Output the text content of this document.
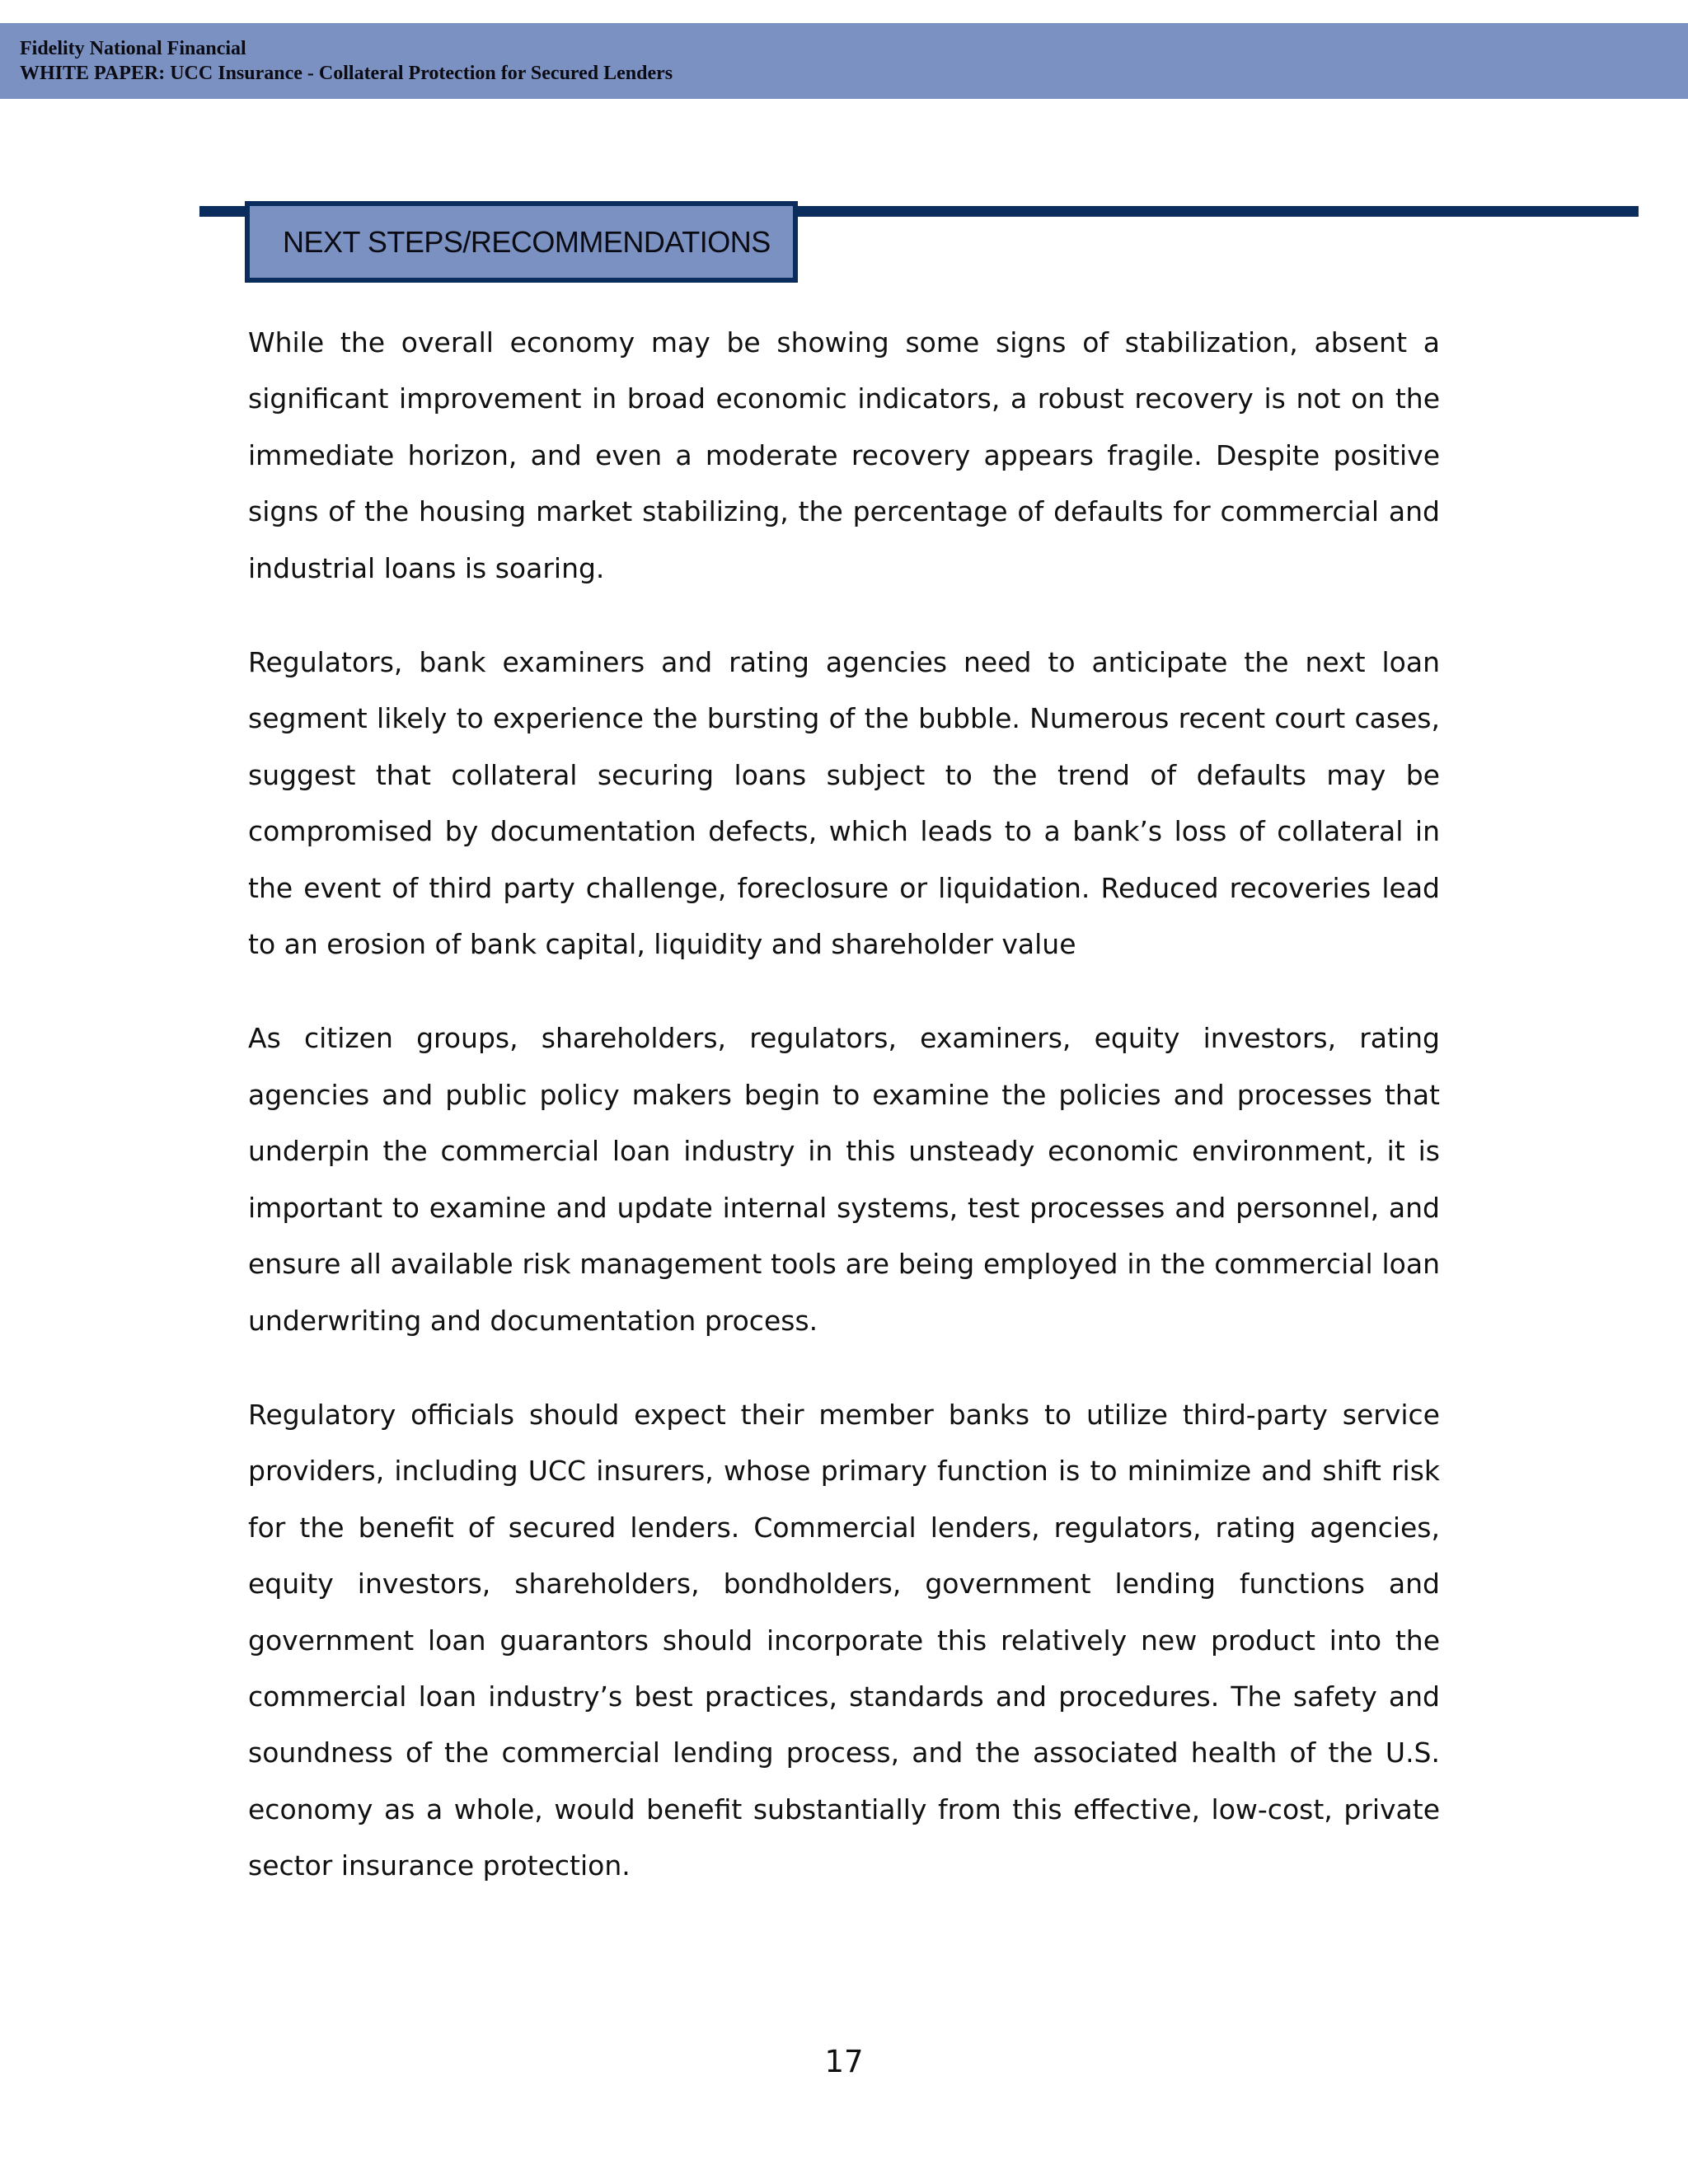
Fidelity National Financial
WHITE PAPER: UCC Insurance - Collateral Protection for Secured Lenders
NEXT STEPS/RECOMMENDATIONS

While the overall economy may be showing some signs of stabilization, absent a significant improvement in broad economic indicators, a robust recovery is not on the immediate horizon, and even a moderate recovery appears fragile. Despite positive signs of the housing market stabilizing, the percentage of defaults for commercial and industrial loans is soaring.

Regulators, bank examiners and rating agencies need to anticipate the next loan segment likely to experience the bursting of the bubble. Numerous recent court cases, suggest that collateral securing loans subject to the trend of defaults may be compromised by documentation defects, which leads to a bank’s loss of collateral in the event of third party challenge, foreclosure or liquidation. Reduced recoveries lead to an erosion of bank capital, liquidity and shareholder value

As citizen groups, shareholders, regulators, examiners, equity investors, rating agencies and public policy makers begin to examine the policies and processes that underpin the commercial loan industry in this unsteady economic environment, it is important to examine and update internal systems, test processes and personnel, and ensure all available risk management tools are being employed in the commercial loan underwriting and documentation process.

Regulatory officials should expect their member banks to utilize third-party service providers, including UCC insurers, whose primary function is to minimize and shift risk for the benefit of secured lenders. Commercial lenders, regulators, rating agencies, equity investors, shareholders, bondholders, government lending functions and government loan guarantors should incorporate this relatively new product into the commercial loan industry’s best practices, standards and procedures. The safety and soundness of the commercial lending process, and the associated health of the U.S. economy as a whole, would benefit substantially from this effective, low-cost, private sector insurance protection.

17
